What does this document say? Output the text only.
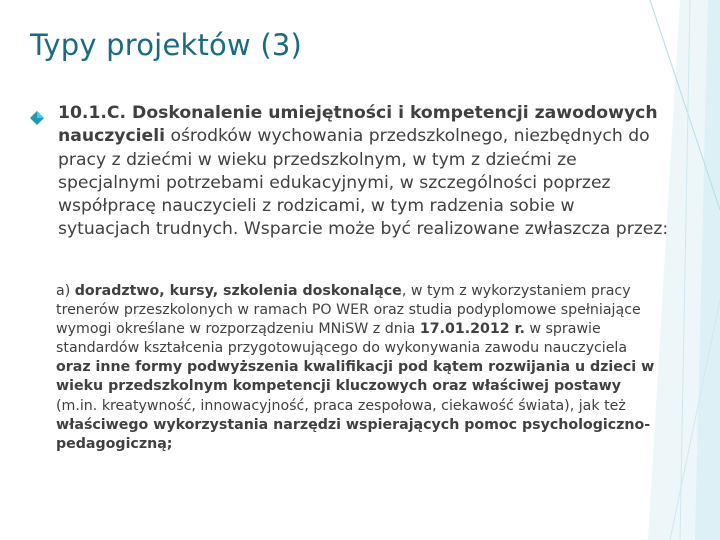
Typy projektów (3)

10.1.C. Doskonalenie umiejętności i kompetencji zawodowych nauczycieli ośrodków wychowania przedszkolnego, niezbędnych do pracy z dziećmi w wieku przedszkolnym, w tym z dziećmi ze specjalnymi potrzebami edukacyjnymi, w szczególności poprzez współpracę nauczycieli z rodzicami, w tym radzenia sobie w sytuacjach trudnych. Wsparcie może być realizowane zwłaszcza przez:

a) doradztwo, kursy, szkolenia doskonalące, w tym z wykorzystaniem pracy trenerów przeszkolonych w ramach PO WER oraz studia podyplomowe spełniające wymogi określane w rozporządzeniu MNiSW z dnia 17.01.2012 r. w sprawie standardów kształcenia przygotowującego do wykonywania zawodu nauczyciela oraz inne formy podwyższenia kwalifikacji pod kątem rozwijania u dzieci w wieku przedszkolnym kompetencji kluczowych oraz właściwej postawy (m.in. kreatywność, innowacyjność, praca zespołowa, ciekawość świata), jak też właściwego wykorzystania narzędzi wspierających pomoc psychologiczno-pedagogiczną;
